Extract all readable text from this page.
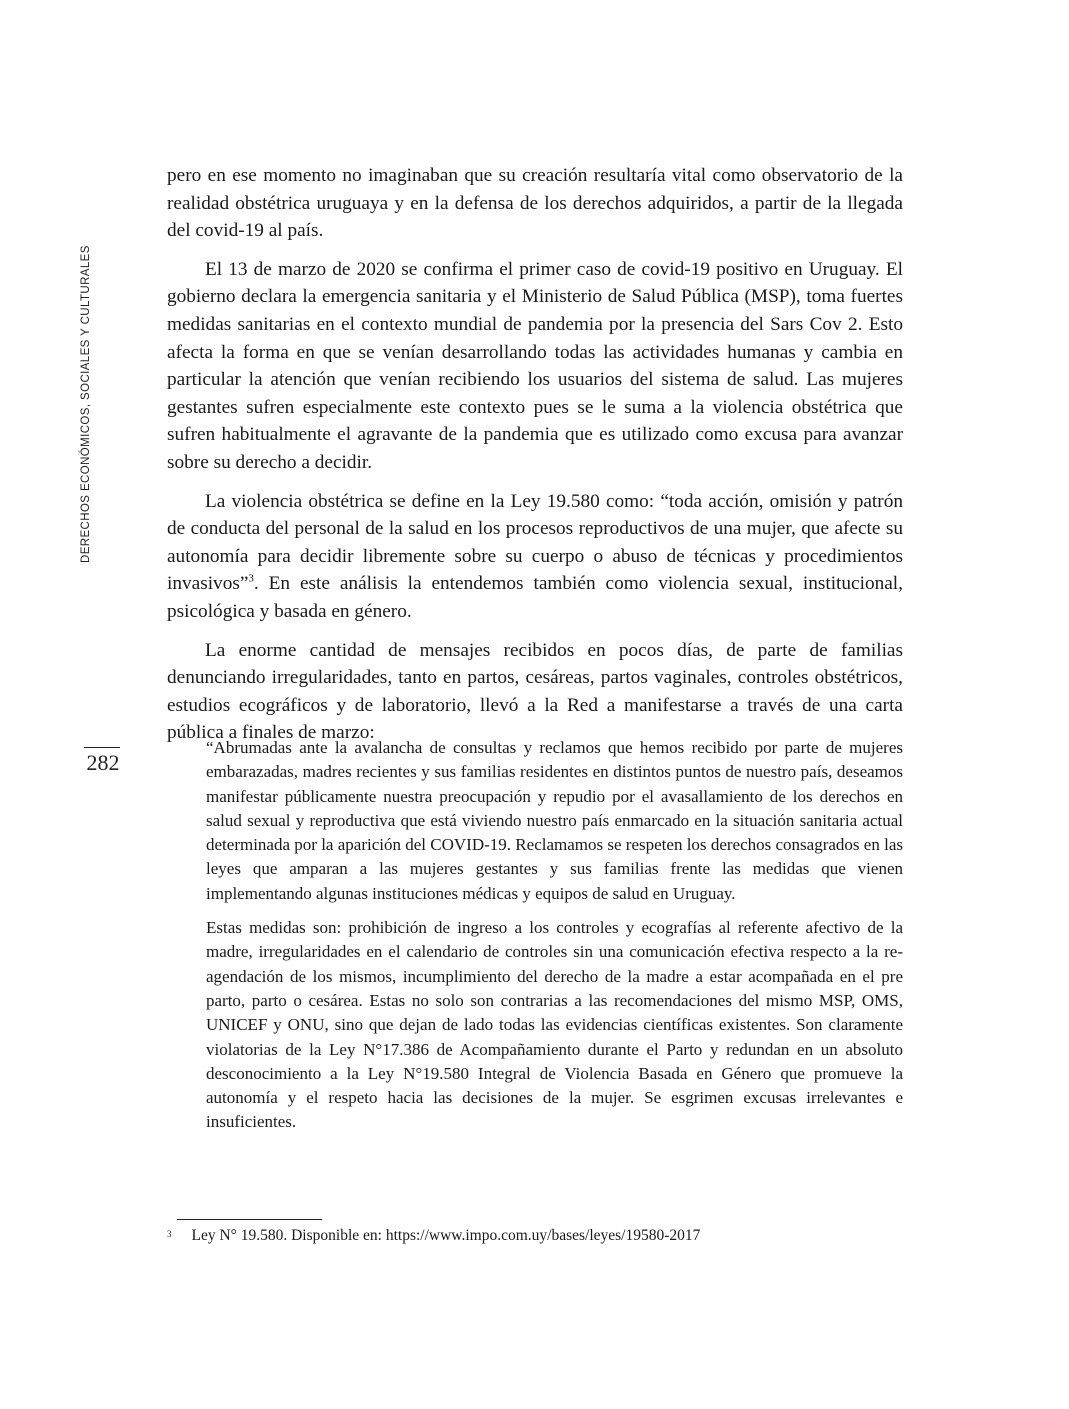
DERECHOS ECONÓMICOS, SOCIALES Y CULTURALES
282

pero en ese momento no imaginaban que su creación resultaría vital como observatorio de la realidad obstétrica uruguaya y en la defensa de los derechos adquiridos, a partir de la llegada del covid-19 al país.

El 13 de marzo de 2020 se confirma el primer caso de covid-19 positivo en Uruguay. El gobierno declara la emergencia sanitaria y el Ministerio de Salud Pública (MSP), toma fuertes medidas sanitarias en el contexto mundial de pandemia por la presencia del Sars Cov 2. Esto afecta la forma en que se venían desarrollando todas las actividades humanas y cambia en particular la atención que venían recibiendo los usuarios del sistema de salud. Las mujeres gestantes sufren especialmente este contexto pues se le suma a la violencia obstétrica que sufren habitualmente el agravante de la pandemia que es utilizado como excusa para avanzar sobre su derecho a decidir.

La violencia obstétrica se define en la Ley 19.580 como: “toda acción, omisión y patrón de conducta del personal de la salud en los procesos reproductivos de una mujer, que afecte su autonomía para decidir libremente sobre su cuerpo o abuso de técnicas y procedimientos invasivos”$^3$. En este análisis la entendemos también como violencia sexual, institucional, psicológica y basada en género.

La enorme cantidad de mensajes recibidos en pocos días, de parte de familias denunciando irregularidades, tanto en partos, cesáreas, partos vaginales, controles obstétricos, estudios ecográficos y de laboratorio, llevó a la Red a manifestarse a través de una carta pública a finales de marzo:

“Abrumadas ante la avalancha de consultas y reclamos que hemos recibido por parte de mujeres embarazadas, madres recientes y sus familias residentes en distintos puntos de nuestro país, deseamos manifestar públicamente nuestra preocupación y repudio por el avasallamiento de los derechos en salud sexual y reproductiva que está viviendo nuestro país enmarcado en la situación sanitaria actual determinada por la aparición del COVID-19. Reclamamos se respeten los derechos consagrados en las leyes que amparan a las mujeres gestantes y sus familias frente las medidas que vienen implementando algunas instituciones médicas y equipos de salud en Uruguay.

Estas medidas son: prohibición de ingreso a los controles y ecografías al referente afectivo de la madre, irregularidades en el calendario de controles sin una comunicación efectiva respecto a la re-agendación de los mismos, incumplimiento del derecho de la madre a estar acompañada en el pre parto, parto o cesárea. Estas no solo son contrarias a las recomendaciones del mismo MSP, OMS, UNICEF y ONU, sino que dejan de lado todas las evidencias científicas existentes. Son claramente violatorias de la Ley N°17.386 de Acompañamiento durante el Parto y redundan en un absoluto desconocimiento a la Ley N°19.580 Integral de Violencia Basada en Género que promueve la autonomía y el respeto hacia las decisiones de la mujer. Se esgrimen excusas irrelevantes e insuficientes.

$^3$ Ley N° 19.580. Disponible en: https://www.impo.com.uy/bases/leyes/19580-2017
